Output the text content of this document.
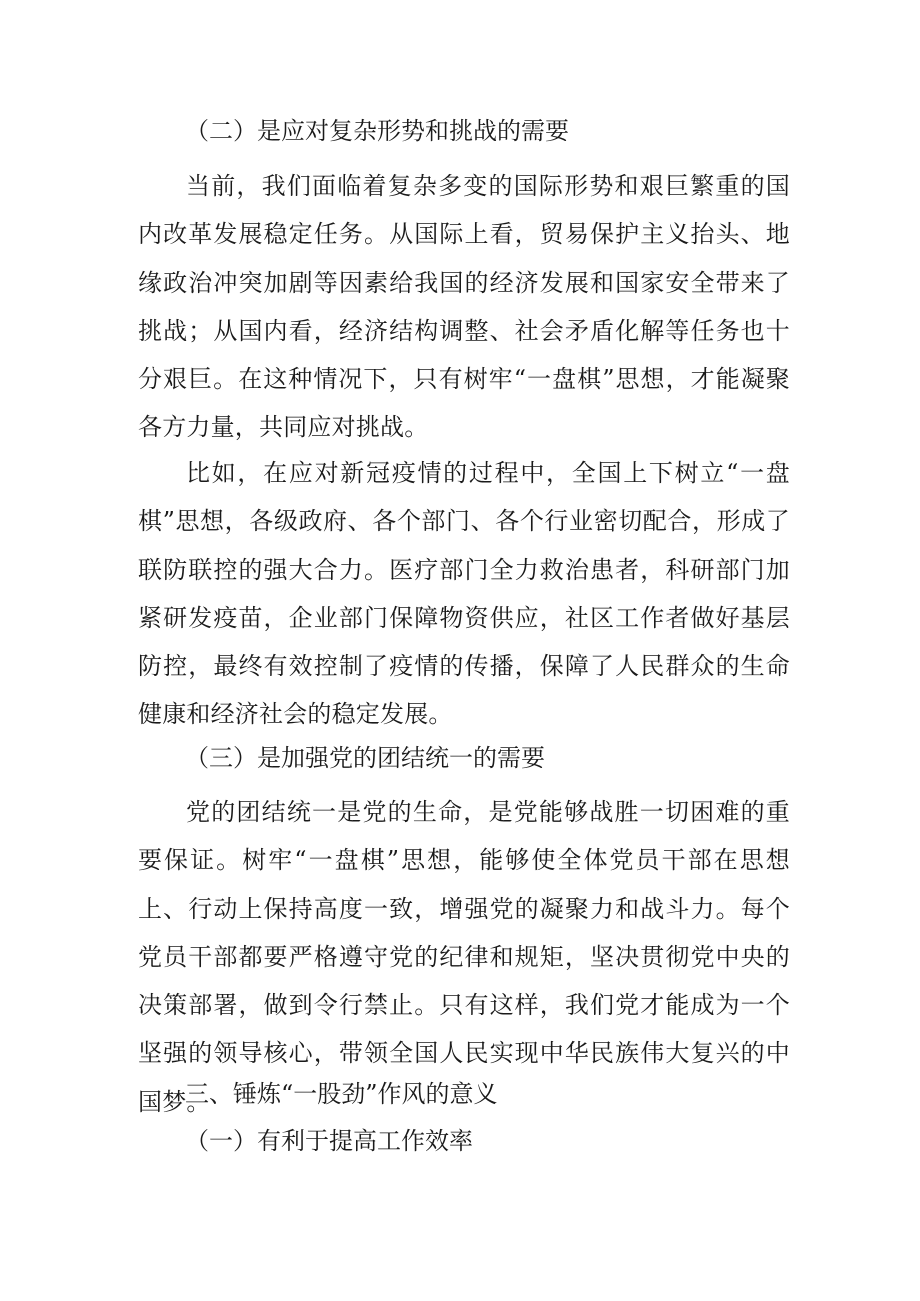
（二）是应对复杂形势和挑战的需要

当前，我们面临着复杂多变的国际形势和艰巨繁重的国内改革发展稳定任务。从国际上看，贸易保护主义抬头、地缘政治冲突加剧等因素给我国的经济发展和国家安全带来了挑战；从国内看，经济结构调整、社会矛盾化解等任务也十分艰巨。在这种情况下，只有树牢“一盘棋”思想，才能凝聚各方力量，共同应对挑战。

比如，在应对新冠疫情的过程中，全国上下树立“一盘棋”思想，各级政府、各个部门、各个行业密切配合，形成了联防联控的强大合力。医疗部门全力救治患者，科研部门加紧研发疫苗，企业部门保障物资供应，社区工作者做好基层防控，最终有效控制了疫情的传播，保障了人民群众的生命健康和经济社会的稳定发展。

（三）是加强党的团结统一的需要

党的团结统一是党的生命，是党能够战胜一切困难的重要保证。树牢“一盘棋”思想，能够使全体党员干部在思想上、行动上保持高度一致，增强党的凝聚力和战斗力。每个党员干部都要严格遵守党的纪律和规矩，坚决贯彻党中央的决策部署，做到令行禁止。只有这样，我们党才能成为一个坚强的领导核心，带领全国人民实现中华民族伟大复兴的中国梦。

三、锤炼“一股劲”作风的意义
（一）有利于提高工作效率
